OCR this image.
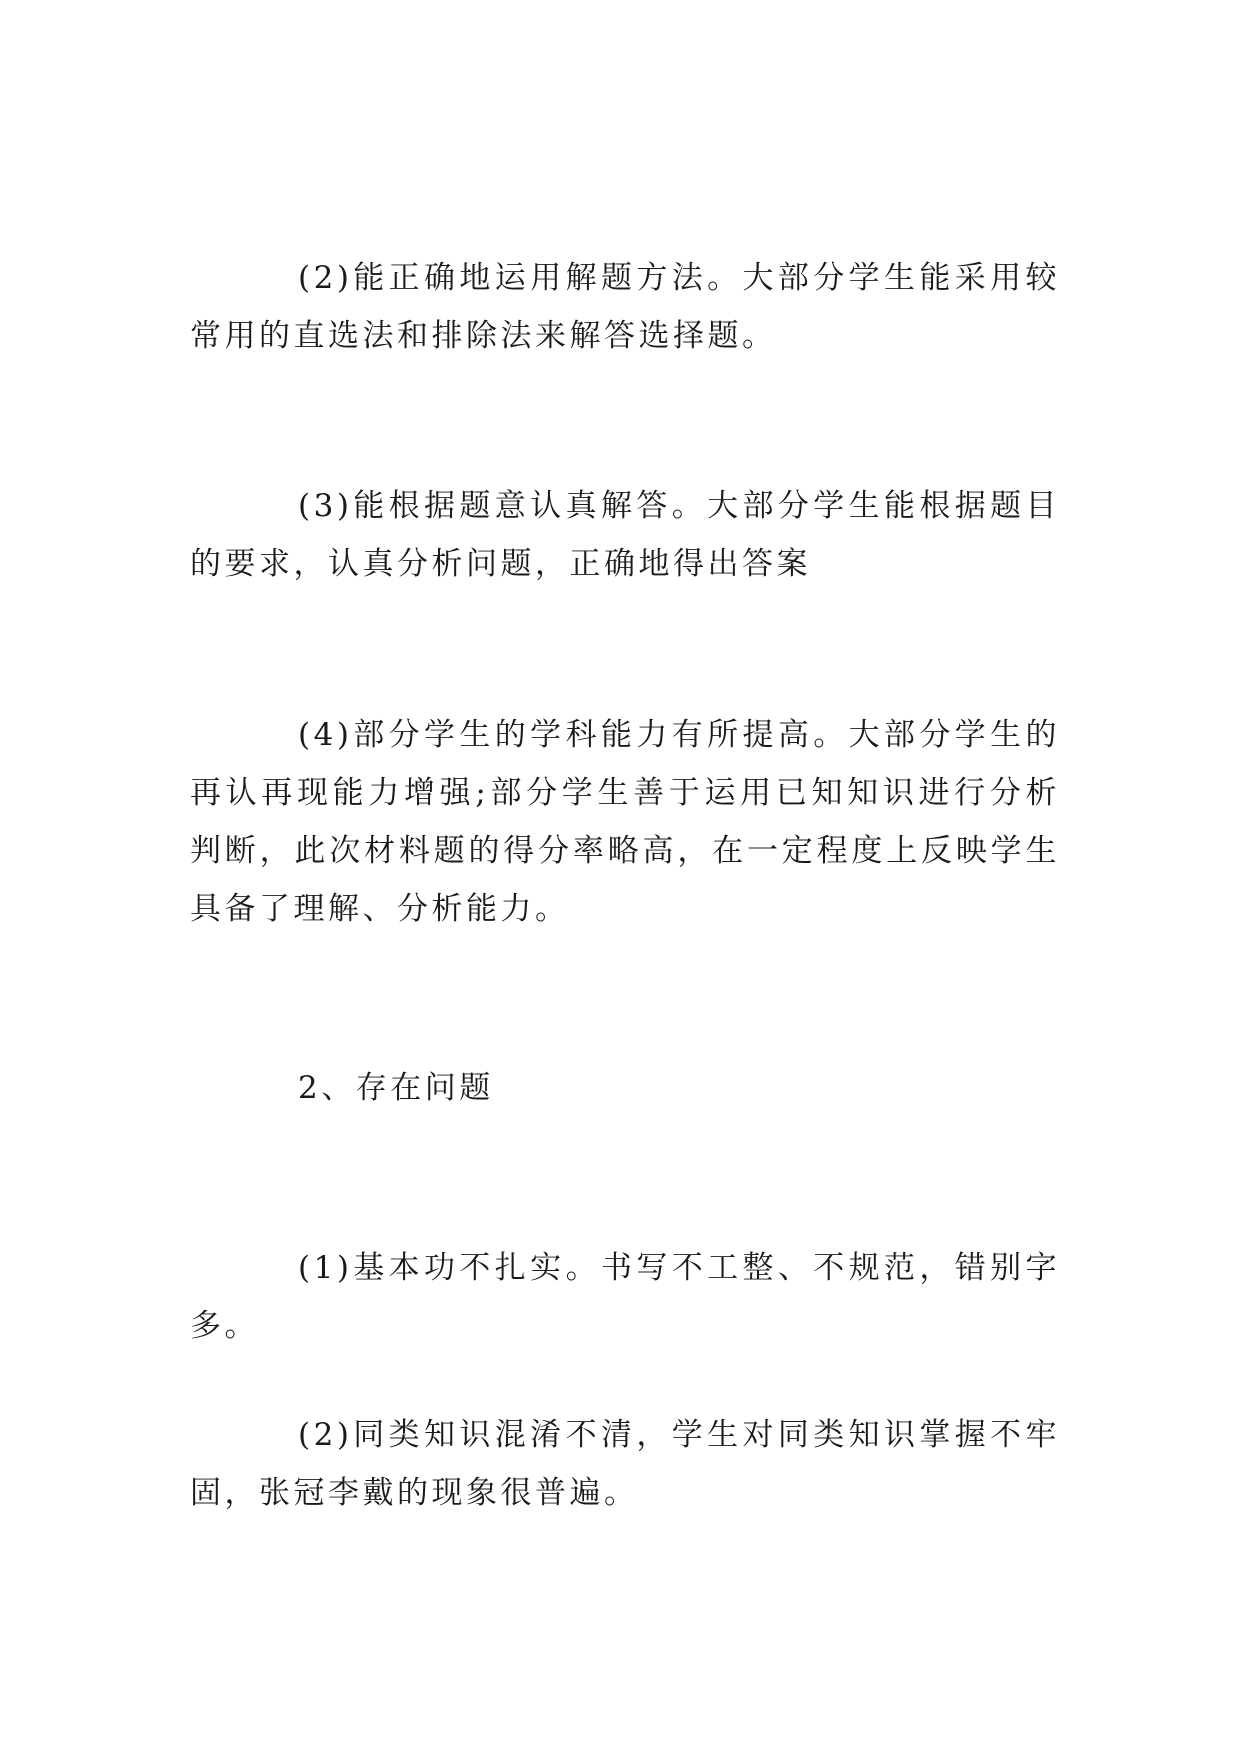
(2)能正确地运用解题方法。大部分学生能采用较常用的直选法和排除法来解答选择题。

(3)能根据题意认真解答。大部分学生能根据题目的要求，认真分析问题，正确地得出答案

(4)部分学生的学科能力有所提高。大部分学生的再认再现能力增强;部分学生善于运用已知知识进行分析判断，此次材料题的得分率略高，在一定程度上反映学生具备了理解、分析能力。

2、存在问题

(1)基本功不扎实。书写不工整、不规范，错别字多。

(2)同类知识混淆不清，学生对同类知识掌握不牢固，张冠李戴的现象很普遍。
